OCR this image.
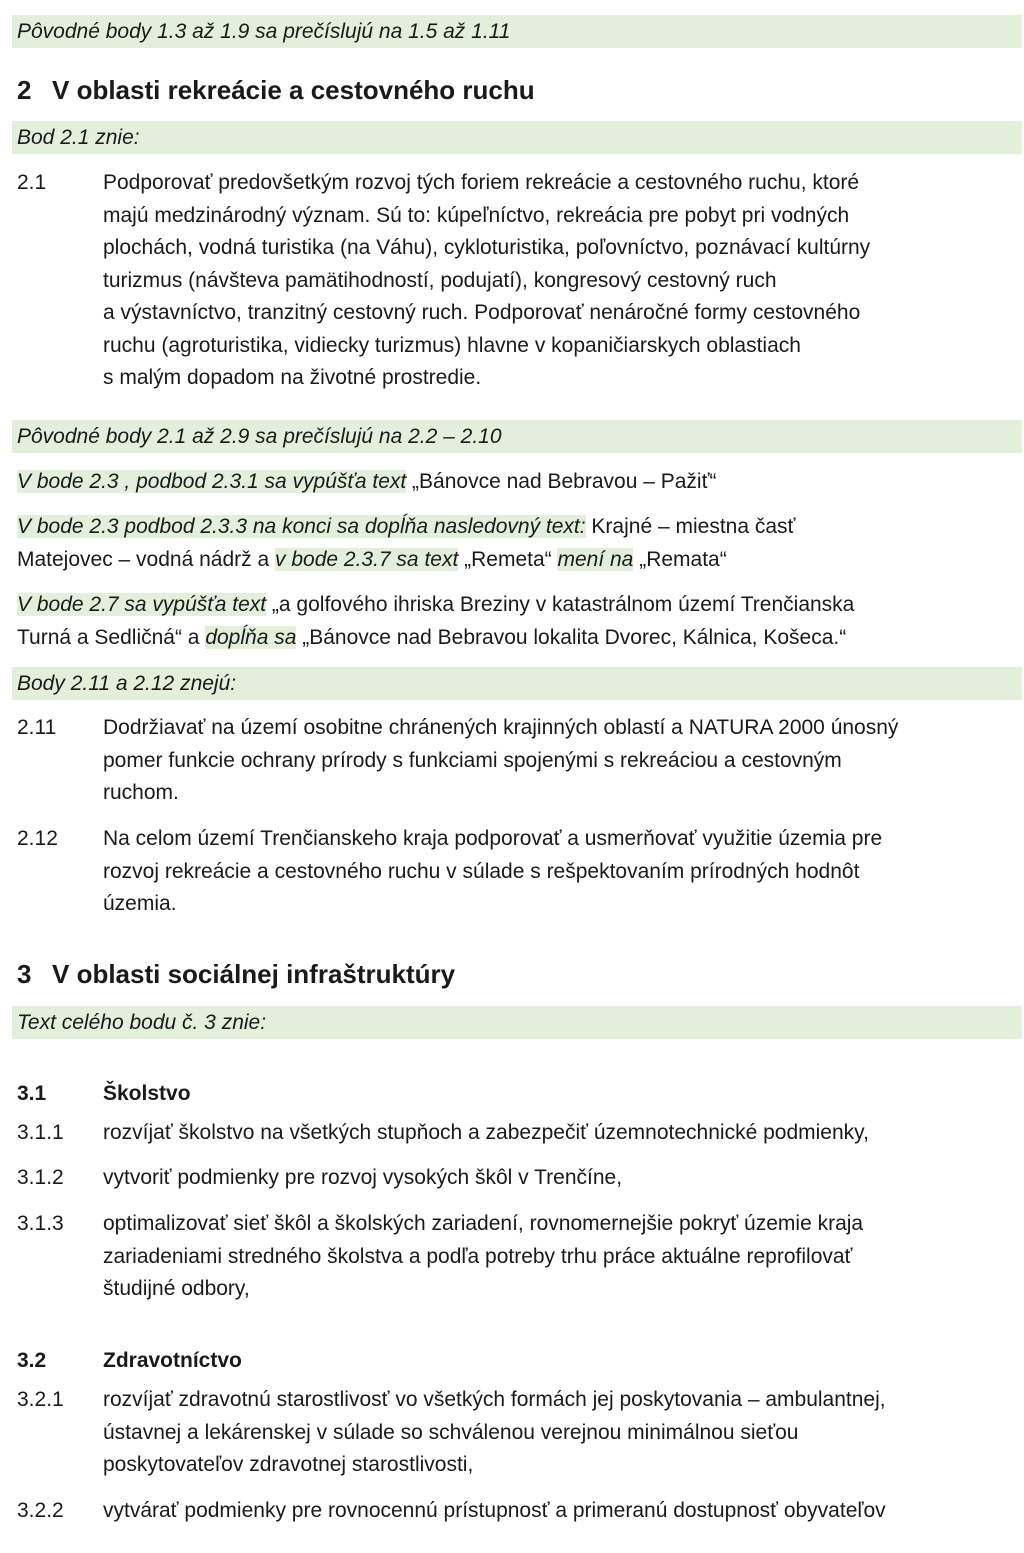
Pôvodné body 1.3 až 1.9 sa prečíslujú na 1.5 až 1.11
2 V oblasti rekreácie a cestovného ruchu
Bod 2.1 znie:
2.1	Podporovať predovšetkým rozvoj tých foriem rekreácie a cestovného ruchu, ktoré
majú medzinárodný význam. Sú to: kúpeľníctvo, rekreácia pre pobyt pri vodných
plochách, vodná turistika (na Váhu), cykloturistika, poľovníctvo, poznávací kultúrny
turizmus (návšteva pamätihodností, podujatí), kongresový cestovný ruch
a výstavníctvo, tranzitný cestovný ruch. Podporovať nenáročné formy cestovného
ruchu (agroturistika, vidiecky turizmus) hlavne v kopaničiarskych oblastiach
s malým dopadom na životné prostredie.
Pôvodné body 2.1 až 2.9 sa prečíslujú na 2.2 – 2.10
V bode 2.3 , podbod 2.3.1 sa vypúšťa text „Bánovce nad Bebravou – Pažiť“
V bode 2.3 podbod 2.3.3 na konci sa dopĺňa nasledovný text: Krajné – miestna časť
Matejovec – vodná nádrž a v bode 2.3.7 sa text „Remeta“ mení na „Remata“
V bode 2.7 sa vypúšťa text „a golfového ihriska Breziny v katastrálnom území Trenčianska
Turná a Sedličná“ a dopĺňa sa „Bánovce nad Bebravou lokalita Dvorec, Kálnica, Košeca.“
Body 2.11 a 2.12 znejú:
2.11	Dodržiavať na území osobitne chránených krajinných oblastí a NATURA 2000 únosný
pomer funkcie ochrany prírody s funkciami spojenými s rekreáciou a cestovným
ruchom.
2.12	Na celom území Trenčianskeho kraja podporovať a usmerňovať využitie územia pre
rozvoj rekreácie a cestovného ruchu v súlade s rešpektovaním prírodných hodnôt
územia.
3 V oblasti sociálnej infraštruktúry
Text celého bodu č. 3 znie:
3.1	Školstvo
3.1.1	rozvíjať školstvo na všetkých stupňoch a zabezpečiť územnotechnické podmienky,
3.1.2	vytvoriť podmienky pre rozvoj vysokých škôl v Trenčíne,
3.1.3	optimalizovať sieť škôl a školských zariadení, rovnomernejšie pokryť územie kraja
zariadeniami stredného školstva a podľa potreby trhu práce aktuálne reprofilovať
študijné odbory,
3.2	Zdravotníctvo
3.2.1	rozvíjať zdravotnú starostlivosť vo všetkých formách jej poskytovania – ambulantnej,
ústavnej a lekárenskej v súlade so schválenou verejnou minimálnou sieťou
poskytovateľov zdravotnej starostlivosti,
3.2.2	vytvárať podmienky pre rovnocennú prístupnosť a primeranú dostupnosť obyvateľov
